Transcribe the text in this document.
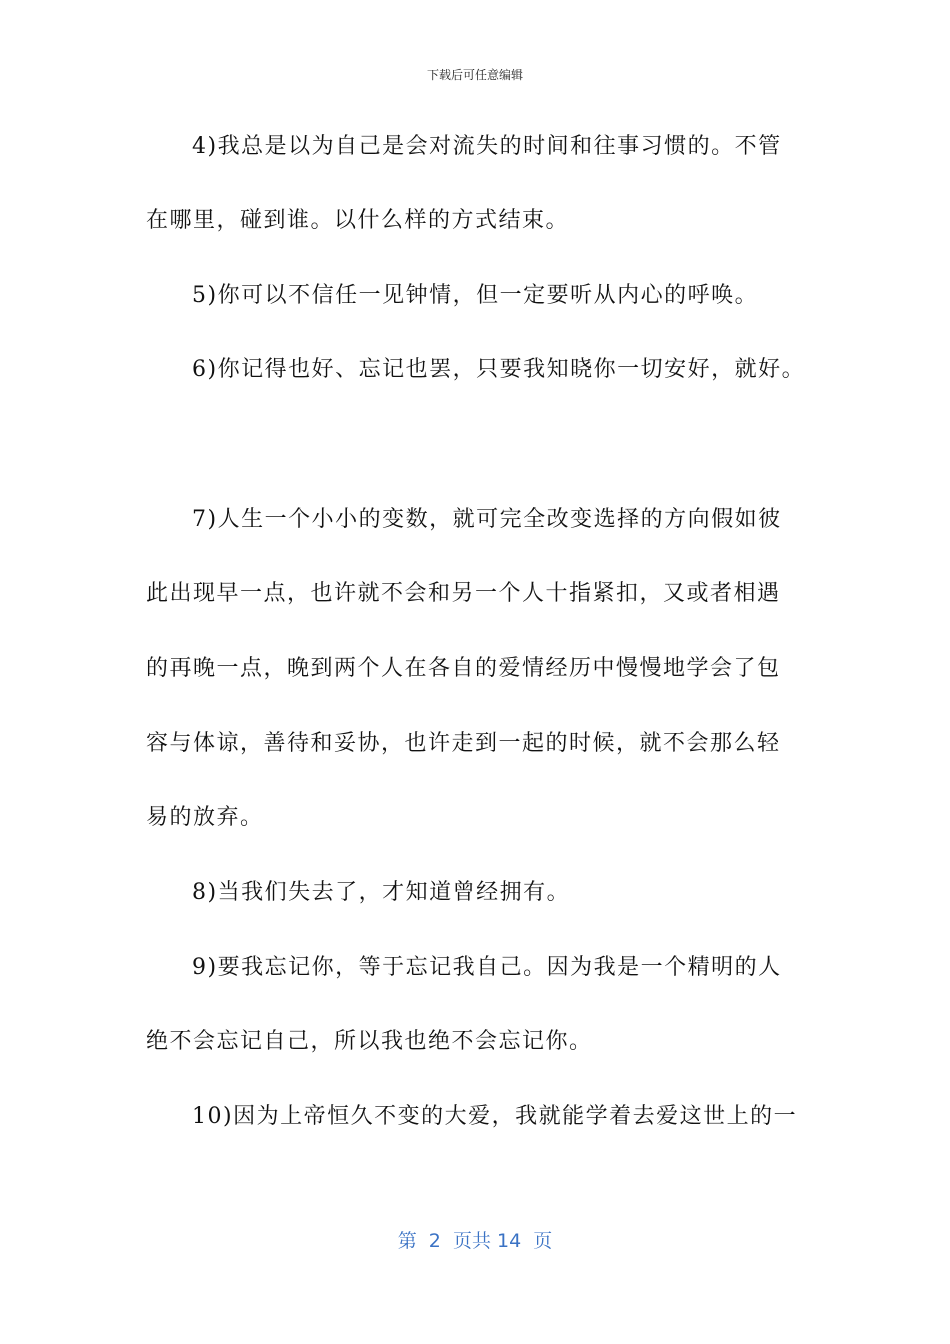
下载后可任意编辑
4)我总是以为自己是会对流失的时间和往事习惯的。不管
在哪里，碰到谁。以什么样的方式结束。
5)你可以不信任一见钟情，但一定要听从内心的呼唤。
6)你记得也好、忘记也罢，只要我知晓你一切安好，就好。
7)人生一个小小的变数，就可完全改变选择的方向假如彼
此出现早一点，也许就不会和另一个人十指紧扣，又或者相遇
的再晚一点，晚到两个人在各自的爱情经历中慢慢地学会了包
容与体谅，善待和妥协，也许走到一起的时候，就不会那么轻
易的放弃。
8)当我们失去了，才知道曾经拥有。
9)要我忘记你，等于忘记我自己。因为我是一个精明的人
绝不会忘记自己，所以我也绝不会忘记你。
10)因为上帝恒久不变的大爱，我就能学着去爱这世上的一
第  2  页共 14  页
